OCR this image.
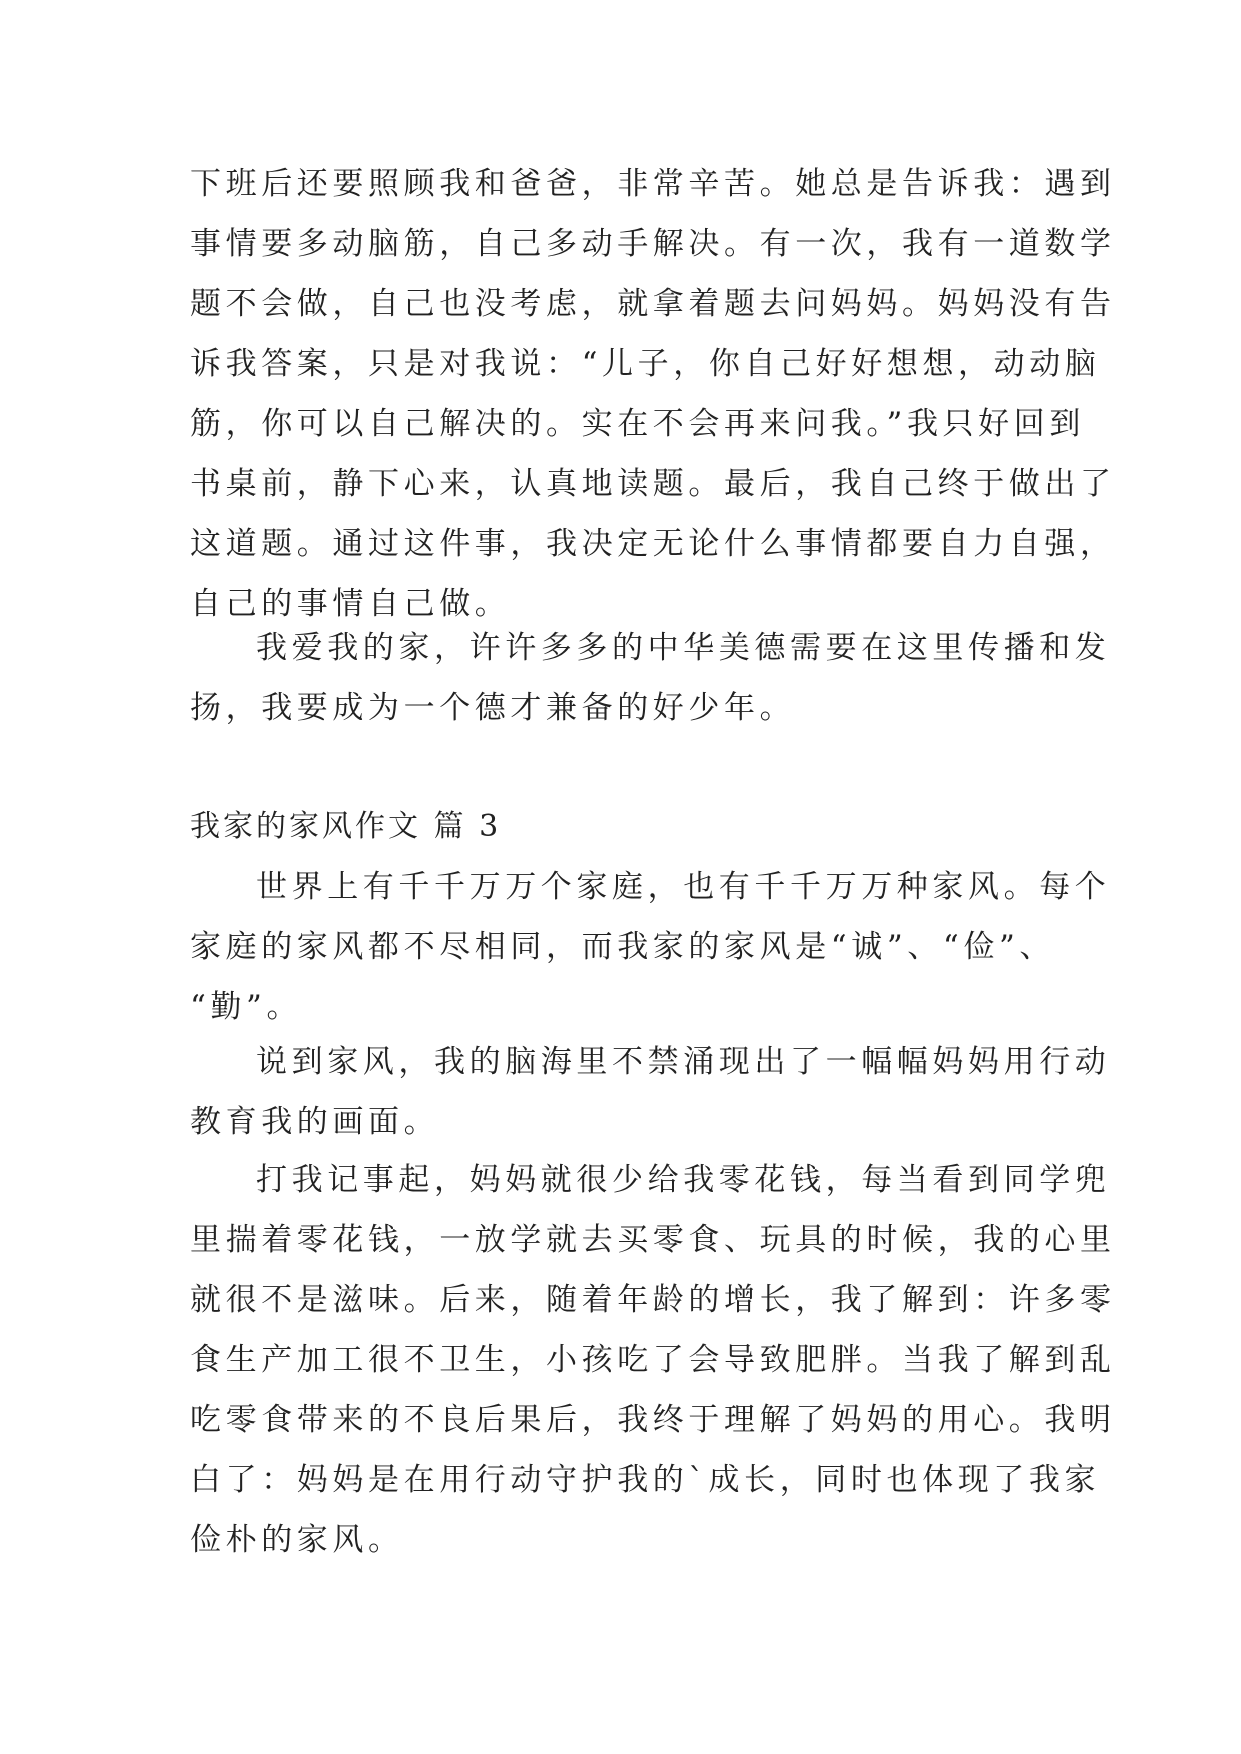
下班后还要照顾我和爸爸，非常辛苦。她总是告诉我：遇到
事情要多动脑筋，自己多动手解决。有一次，我有一道数学
题不会做，自己也没考虑，就拿着题去问妈妈。妈妈没有告
诉我答案，只是对我说：“儿子，你自己好好想想，动动脑
筋，你可以自己解决的。实在不会再来问我。”我只好回到
书桌前，静下心来，认真地读题。最后，我自己终于做出了
这道题。通过这件事，我决定无论什么事情都要自力自强，
自己的事情自己做。
我爱我的家，许许多多的中华美德需要在这里传播和发
扬，我要成为一个德才兼备的好少年。
我家的家风作文 篇 3
世界上有千千万万个家庭，也有千千万万种家风。每个
家庭的家风都不尽相同，而我家的家风是“诚”、“俭”、
“勤”。
说到家风，我的脑海里不禁涌现出了一幅幅妈妈用行动
教育我的画面。
打我记事起，妈妈就很少给我零花钱，每当看到同学兜
里揣着零花钱，一放学就去买零食、玩具的时候，我的心里
就很不是滋味。后来，随着年龄的增长，我了解到：许多零
食生产加工很不卫生，小孩吃了会导致肥胖。当我了解到乱
吃零食带来的不良后果后，我终于理解了妈妈的用心。我明
白了：妈妈是在用行动守护我的`成长，同时也体现了我家
俭朴的家风。
